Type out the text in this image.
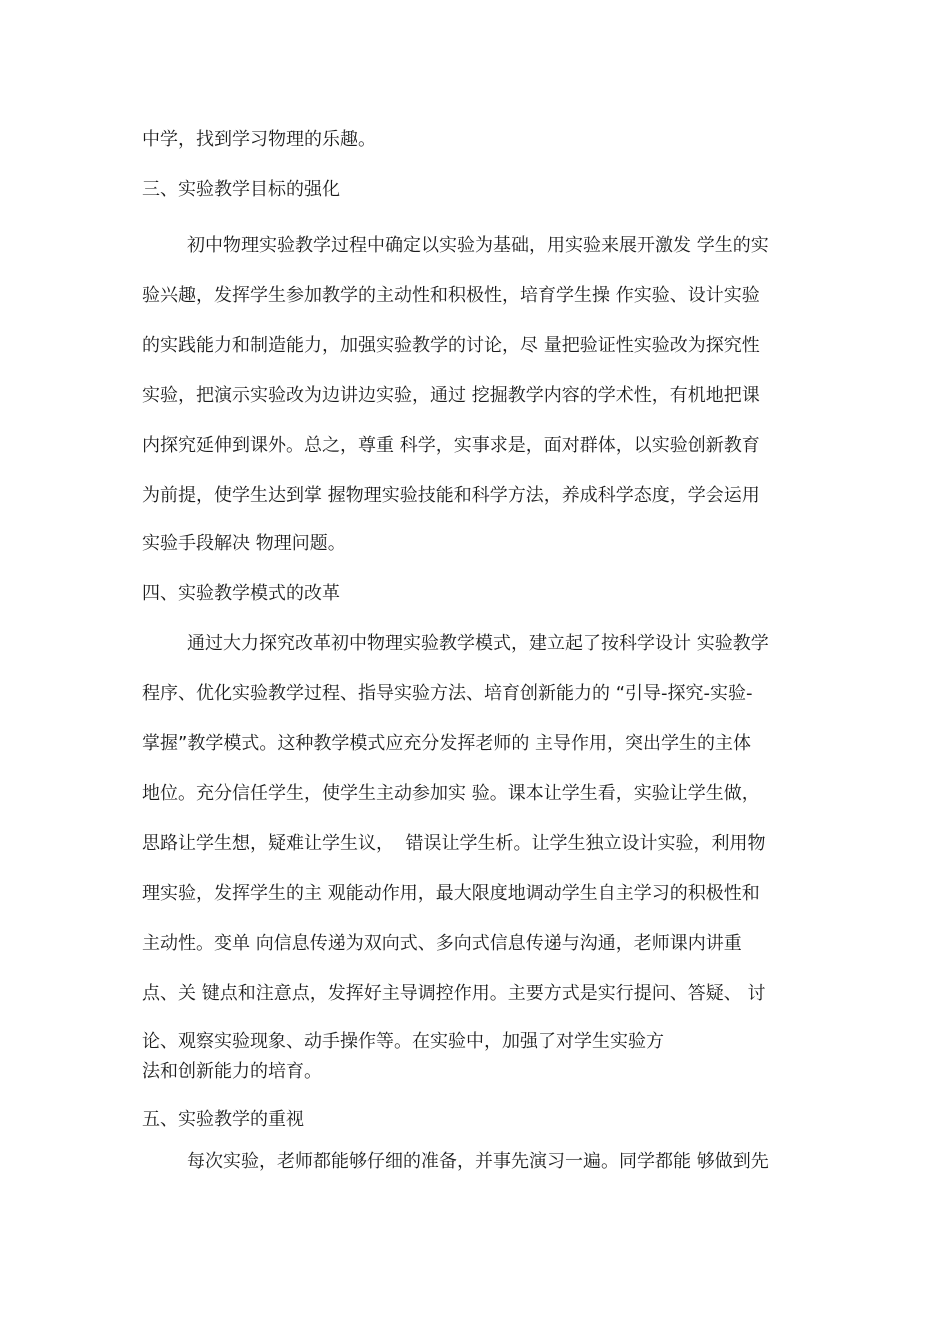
中学，找到学习物理的乐趣。
三、实验教学目标的强化
初中物理实验教学过程中确定以实验为基础，用实验来展开激发 学生的实
验兴趣，发挥学生参加教学的主动性和积极性，培育学生操 作实验、设计实验
的实践能力和制造能力，加强实验教学的讨论，尽 量把验证性实验改为探究性
实验，把演示实验改为边讲边实验，通过 挖掘教学内容的学术性，有机地把课
内探究延伸到课外。总之，尊重 科学，实事求是，面对群体，以实验创新教育
为前提，使学生达到掌 握物理实验技能和科学方法，养成科学态度，学会运用
实验手段解决 物理问题。
四、实验教学模式的改革
通过大力探究改革初中物理实验教学模式，建立起了按科学设计 实验教学
程序、优化实验教学过程、指导实验方法、培育创新能力的 “引导-探究-实验-
掌握”教学模式。这种教学模式应充分发挥老师的 主导作用，突出学生的主体
地位。充分信任学生，使学生主动参加实 验。课本让学生看，实验让学生做，
思路让学生想，疑难让学生议，  错误让学生析。让学生独立设计实验，利用物
理实验，发挥学生的主 观能动作用，最大限度地调动学生自主学习的积极性和
主动性。变单 向信息传递为双向式、多向式信息传递与沟通，老师课内讲重
点、关 键点和注意点，发挥好主导调控作用。主要方式是实行提问、答疑、 讨
论、观察实验现象、动手操作等。在实验中，加强了对学生实验方
法和创新能力的培育。
五、实验教学的重视
每次实验，老师都能够仔细的准备，并事先演习一遍。同学都能 够做到先
